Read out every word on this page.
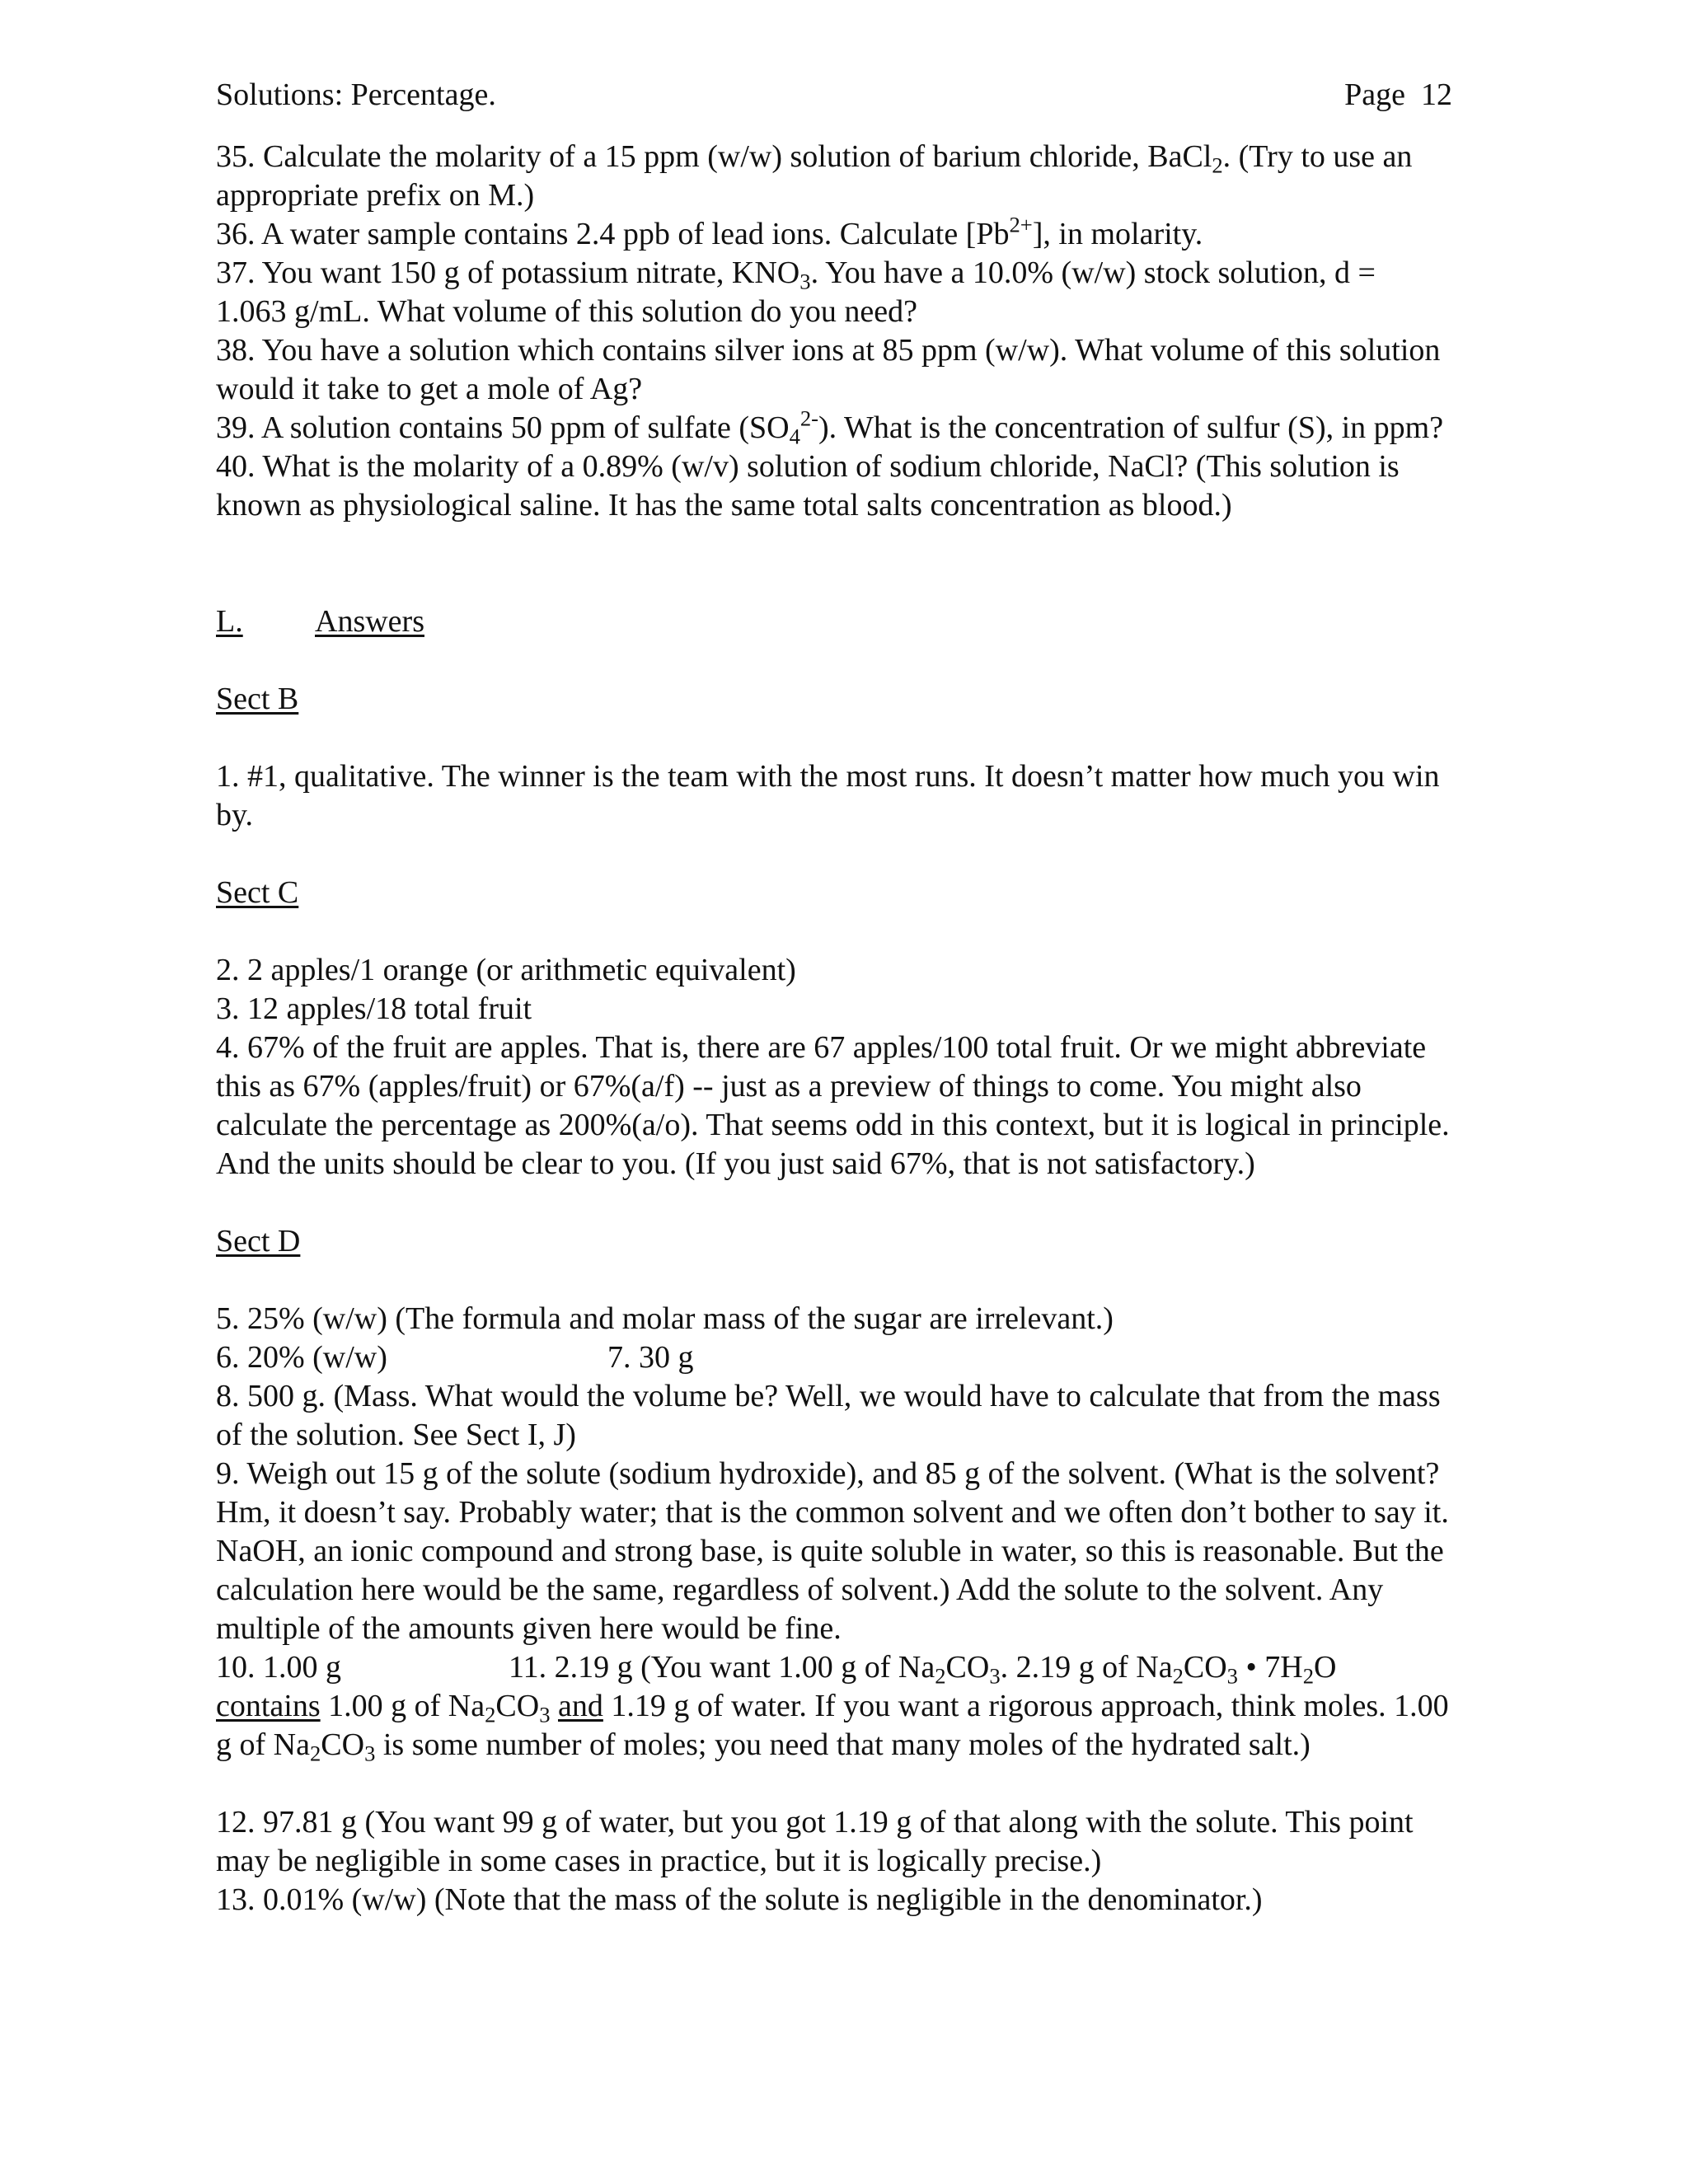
Solutions: Percentage.	Page 12

35. Calculate the molarity of a 15 ppm (w/w) solution of barium chloride, BaCl$_2$. (Try to use an appropriate prefix on M.)

36. A water sample contains 2.4 ppb of lead ions. Calculate $[Pb^{2+}]$, in molarity.

37. You want 150 g of potassium nitrate, $KNO_3$. You have a 10.0% (w/w) stock solution, d = 1.063 g/mL. What volume of this solution do you need?

38. You have a solution which contains silver ions at 85 ppm (w/w). What volume of this solution would it take to get a mole of Ag?

39. A solution contains 50 ppm of sulfate $(SO_4^{2-})$. What is the concentration of sulfur (S), in ppm?

40. What is the molarity of a 0.89% (w/v) solution of sodium chloride, NaCl? (This solution is known as physiological saline. It has the same total salts concentration as blood.)

L.	Answers

Sect B

1. #1, qualitative. The winner is the team with the most runs. It doesn’t matter how much you win by.

Sect C

2. 2 apples/1 orange (or arithmetic equivalent)

3. 12 apples/18 total fruit

4. 67% of the fruit are apples. That is, there are 67 apples/100 total fruit. Or we might abbreviate this as 67% (apples/fruit) or 67%(a/f) -- just as a preview of things to come. You might also calculate the percentage as 200%(a/o). That seems odd in this context, but it is logical in principle. And the units should be clear to you. (If you just said 67%, that is not satisfactory.)

Sect D

5. 25% (w/w) (The formula and molar mass of the sugar are irrelevant.)

6. 20% (w/w)	7. 30 g

8. 500 g. (Mass. What would the volume be? Well, we would have to calculate that from the mass of the solution. See Sect I, J)

9. Weigh out 15 g of the solute (sodium hydroxide), and 85 g of the solvent. (What is the solvent? Hm, it doesn’t say. Probably water; that is the common solvent and we often don’t bother to say it. NaOH, an ionic compound and strong base, is quite soluble in water, so this is reasonable. But the calculation here would be the same, regardless of solvent.) Add the solute to the solvent. Any multiple of the amounts given here would be fine.

10. 1.00 g	11. 2.19 g (You want 1.00 g of $Na_2CO_3$. 2.19 g of $Na_2CO_3$ • $7H_2O$
contains 1.00 g of $Na_2CO_3$ and 1.19 g of water. If you want a rigorous approach, think moles. 1.00 g of $Na_2CO_3$ is some number of moles; you need that many moles of the hydrated salt.)

12. 97.81 g (You want 99 g of water, but you got 1.19 g of that along with the solute. This point may be negligible in some cases in practice, but it is logically precise.)

13. 0.01% (w/w) (Note that the mass of the solute is negligible in the denominator.)
